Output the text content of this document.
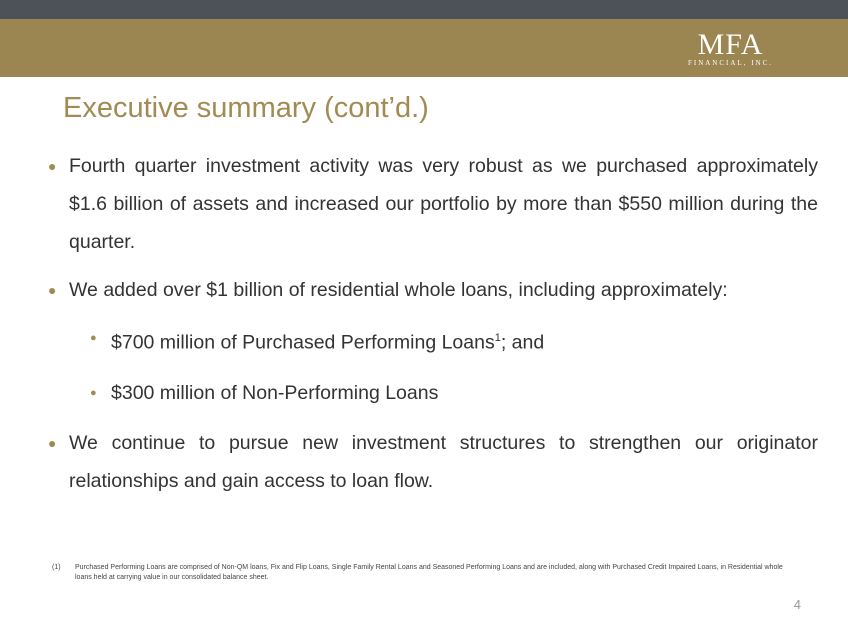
MFA
FINANCIAL, INC.
Executive summary (cont’d.)
● Fourth quarter investment activity was very robust as we purchased approximately $1.6 billion of assets and increased our portfolio by more than $550 million during the quarter.
● We added over $1 billion of residential whole loans, including approximately:
● $700 million of Purchased Performing Loans$^1$; and
● $300 million of Non-Performing Loans
● We continue to pursue new investment structures to strengthen our originator relationships and gain access to loan flow.
(1) Purchased Performing Loans are comprised of Non-QM loans, Fix and Flip Loans, Single Family Rental Loans and Seasoned Performing Loans and are included, along with Purchased Credit Impaired Loans, in Residential whole loans held at carrying value in our consolidated balance sheet.
4
